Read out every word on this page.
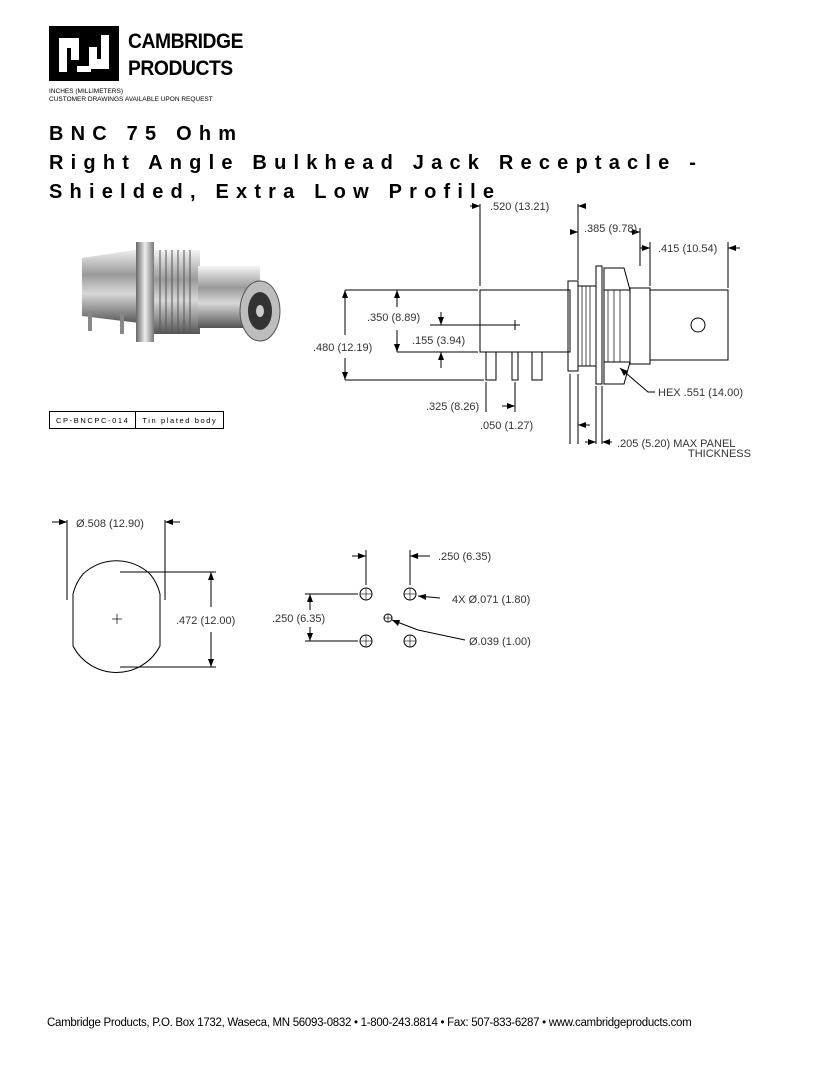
CAMBRIDGE
PRODUCTS
INCHES (MILLIMETERS)
CUSTOMER DRAWINGS AVAILABLE UPON REQUEST
BNC 75 Ohm
Right Angle Bulkhead Jack Receptacle -
Shielded, Extra Low Profile
CP-BNCPC-014	Tin plated body
.520 (13.21)
.385 (9.78)
.415 (10.54)
.350 (8.89)
.480 (12.19)
.155 (3.94)
.325 (8.26)
.050 (1.27)
HEX .551 (14.00)
.205 (5.20) MAX PANEL
THICKNESS
Ø.508 (12.90)
.472 (12.00)
.250 (6.35)
.250 (6.35)
4X Ø.071 (1.80)
Ø.039 (1.00)
Cambridge Products, P.O. Box 1732, Waseca, MN 56093-0832 • 1-800-243.8814 • Fax: 507-833-6287 • www.cambridgeproducts.com
